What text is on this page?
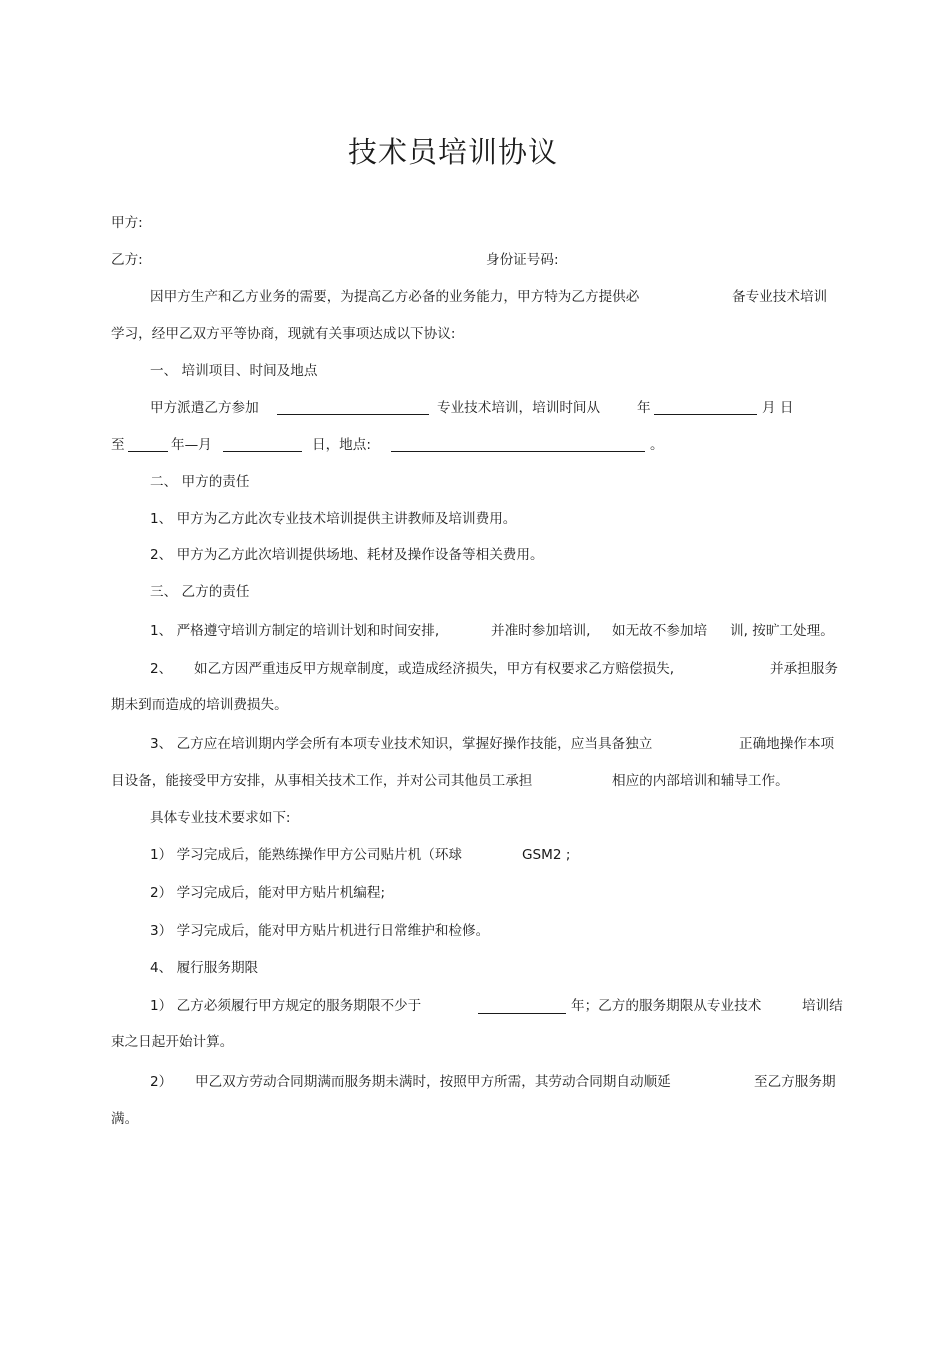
技术员培训协议
甲方:
乙方:	身份证号码:
因甲方生产和乙方业务的需要，为提高乙方必备的业务能力，甲方特为乙方提供必	备专业技术培训
学习，经甲乙双方平等协商，现就有关事项达成以下协议:
一、 培训项目、时间及地点
甲方派遣乙方参加	专业技术培训，培训时间从	年	月 日
至	年—月	日，地点:	。
二、 甲方的责任
1、 甲方为乙方此次专业技术培训提供主讲教师及培训费用。
2、 甲方为乙方此次培训提供场地、耗材及操作设备等相关费用。
三、 乙方的责任
1、 严格遵守培训方制定的培训计划和时间安排,	并准时参加培训, 如无故不参加培 训, 按旷工处理。
2、 如乙方因严重违反甲方规章制度，或造成经济损失，甲方有权要求乙方赔偿损失,	并承担服务
期未到而造成的培训费损失。
3、 乙方应在培训期内学会所有本项专业技术知识，掌握好操作技能，应当具备独立	正确地操作本项
目设备，能接受甲方安排，从事相关技术工作，并对公司其他员工承担	相应的内部培训和辅导工作。
具体专业技术要求如下:
1） 学习完成后，能熟练操作甲方公司贴片机（环球	GSM2 ;
2） 学习完成后，能对甲方贴片机编程;
3） 学习完成后，能对甲方贴片机进行日常维护和检修。
4、 履行服务期限
1） 乙方必须履行甲方规定的服务期限不少于	年；乙方的服务期限从专业技术	培训结
束之日起开始计算。
2） 甲乙双方劳动合同期满而服务期未满时，按照甲方所需，其劳动合同期自动顺延	至乙方服务期
满。
